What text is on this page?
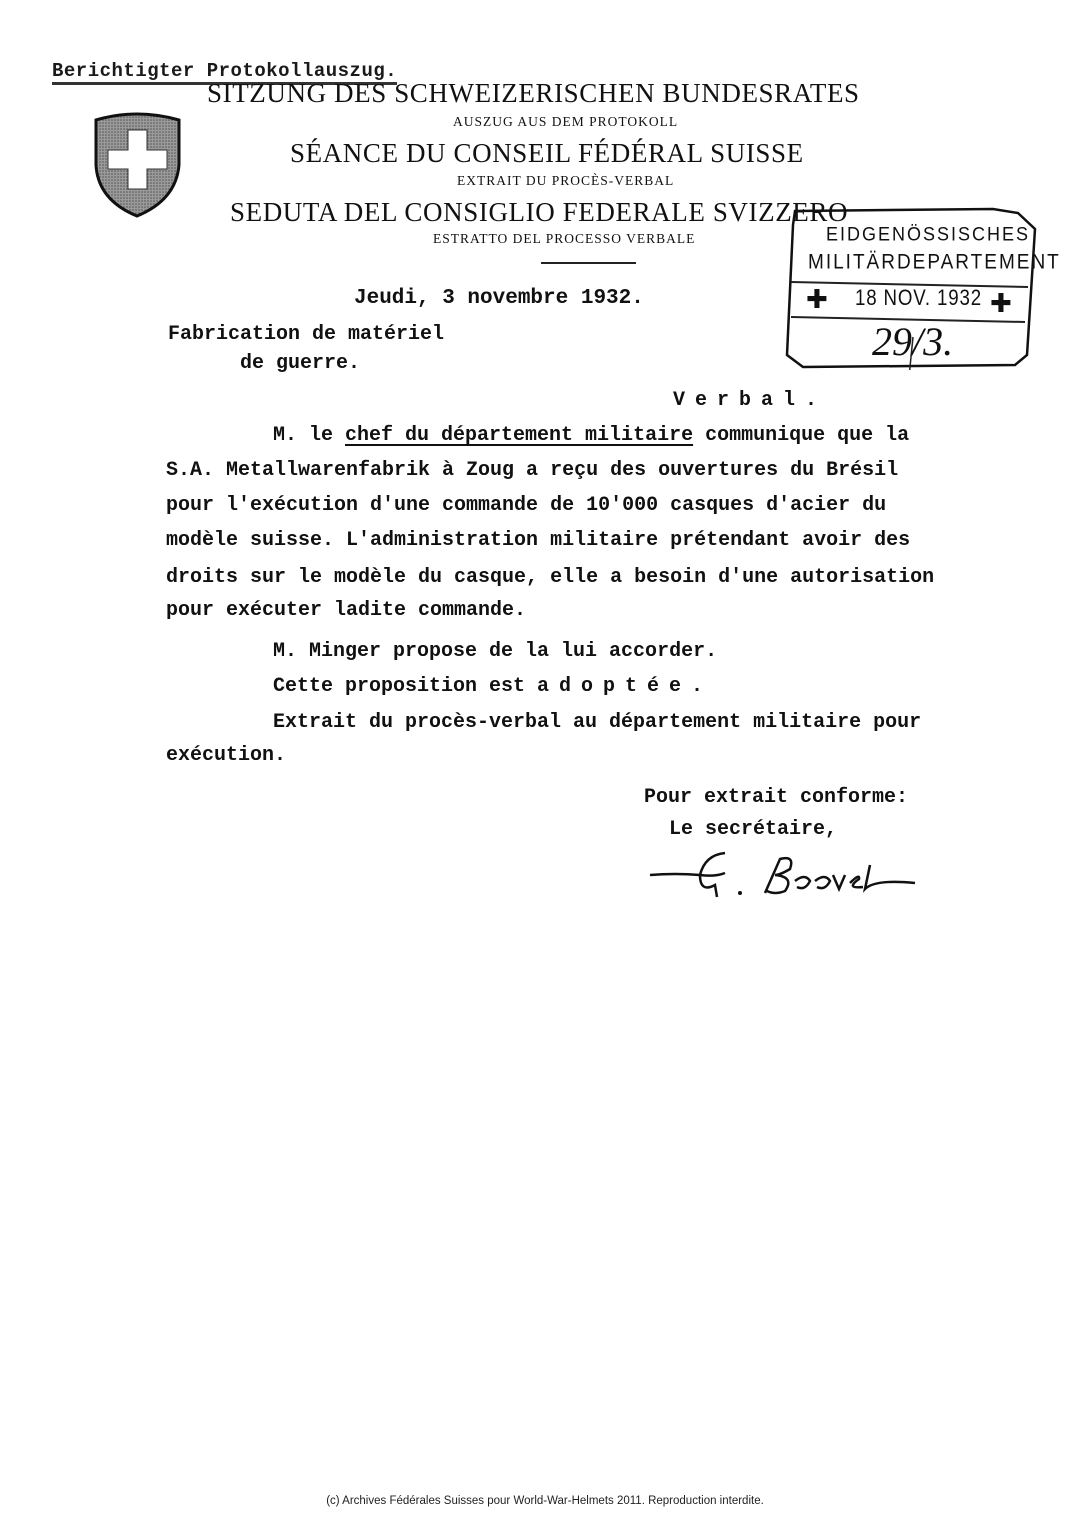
Berichtigter Protokollauszug.
SITZUNG DES SCHWEIZERISCHEN BUNDESRATES
AUSZUG AUS DEM PROTOKOLL
SÉANCE DU CONSEIL FÉDÉRAL SUISSE
EXTRAIT DU PROCÈS-VERBAL
SEDUTA DEL CONSIGLIO FEDERALE SVIZZERO
ESTRATTO DEL PROCESSO VERBALE	EIDGENÖSSISCHES
MILITÄRDEPARTEMENT
✚ 18 NOV. 1932 ✚
29/3.
Jeudi, 3 novembre 1932.
Fabrication de matériel
de guerre.
Verbal.
M. le chef du département militaire communique que la
S.A. Metallwarenfabrik à Zoug a reçu des ouvertures du Brésil
pour l'exécution d'une commande de 10'000 casques d'acier du
modèle suisse. L'administration militaire prétendant avoir des
droits sur le modèle du casque, elle a besoin d'une autorisation
pour exécuter ladite commande.
M. Minger propose de la lui accorder.
Cette proposition est adoptée.
Extrait du procès-verbal au département militaire pour
exécution.
Pour extrait conforme:
Le secrétaire,
(c) Archives Fédérales Suisses pour World-War-Helmets 2011. Reproduction interdite.
